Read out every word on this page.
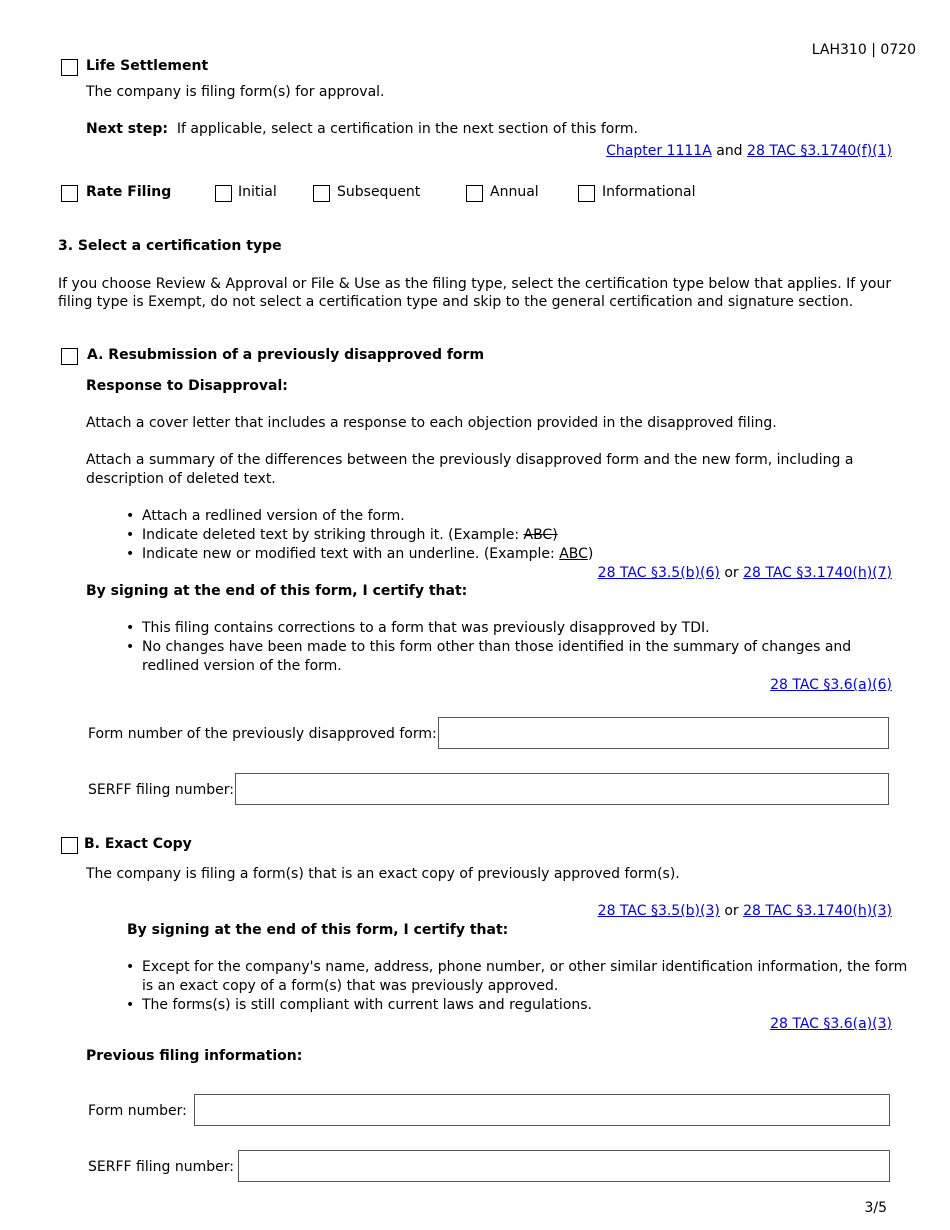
LAH310 | 0720
Life Settlement
The company is filing form(s) for approval.
Next step: If applicable, select a certification in the next section of this form.
Chapter 1111A and 28 TAC §3.1740(f)(1)
Rate Filing	Initial	Subsequent	Annual	Informational
3. Select a certification type
If you choose Review & Approval or File & Use as the filing type, select the certification type below that applies. If your
filing type is Exempt, do not select a certification type and skip to the general certification and signature section.
A. Resubmission of a previously disapproved form
Response to Disapproval:
Attach a cover letter that includes a response to each objection provided in the disapproved filing.
Attach a summary of the differences between the previously disapproved form and the new form, including a
description of deleted text.
• Attach a redlined version of the form.
• Indicate deleted text by striking through it. (Example: ABC)
• Indicate new or modified text with an underline. (Example: ABC)
28 TAC §3.5(b)(6) or 28 TAC §3.1740(h)(7)
By signing at the end of this form, I certify that:
• This filing contains corrections to a form that was previously disapproved by TDI.
• No changes have been made to this form other than those identified in the summary of changes and
redlined version of the form.
28 TAC §3.6(a)(6)
Form number of the previously disapproved form:
SERFF filing number:
B. Exact Copy
The company is filing a form(s) that is an exact copy of previously approved form(s).
28 TAC §3.5(b)(3) or 28 TAC §3.1740(h)(3)
By signing at the end of this form, I certify that:
• Except for the company's name, address, phone number, or other similar identification information, the form
is an exact copy of a form(s) that was previously approved.
• The forms(s) is still compliant with current laws and regulations.
28 TAC §3.6(a)(3)
Previous filing information:
Form number:
SERFF filing number:
3/5
